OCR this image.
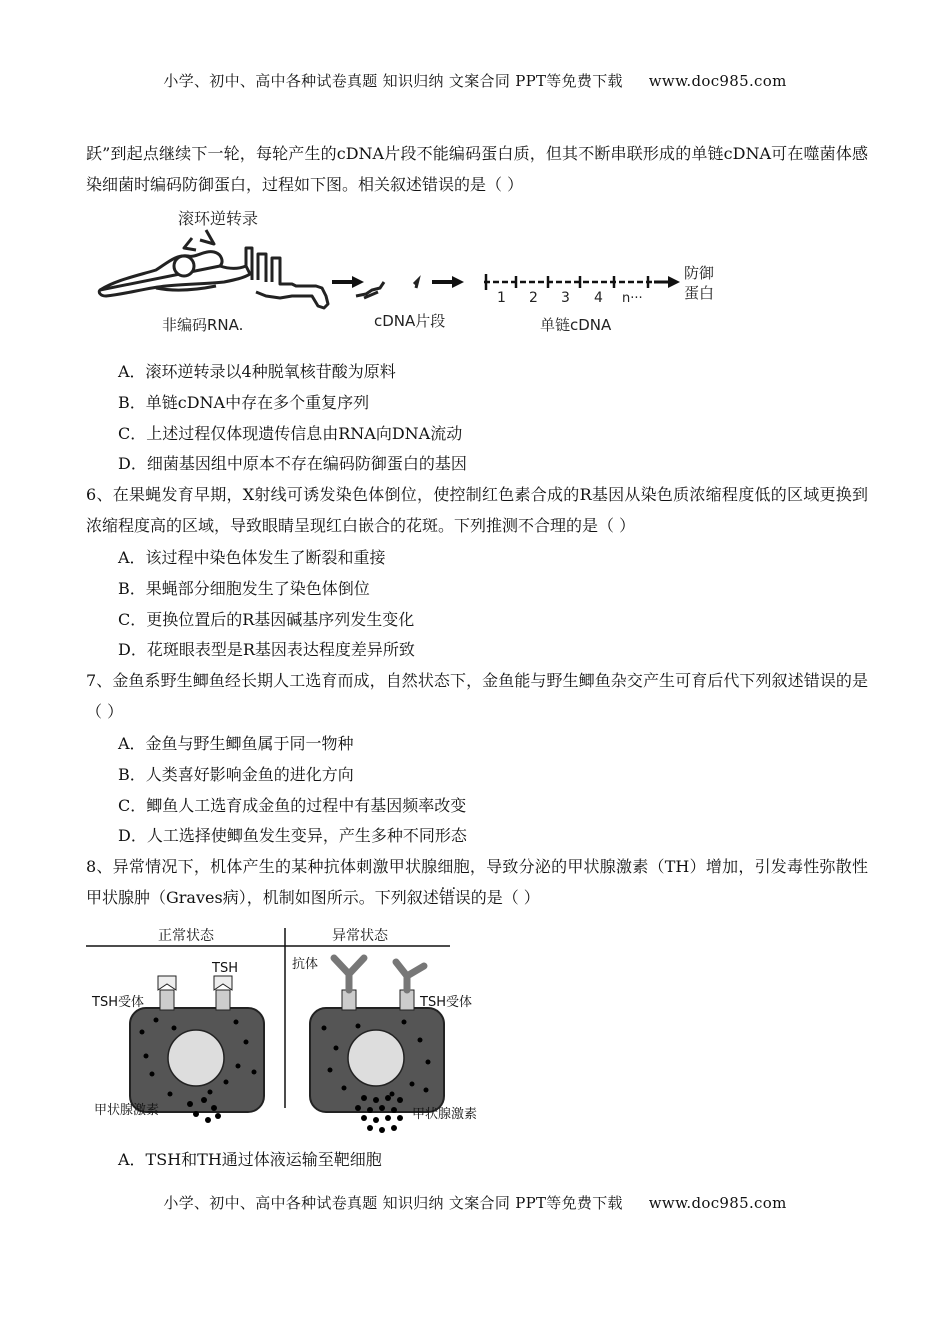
小学、初中、高中各种试卷真题 知识归纳 文案合同 PPT等免费下载 www.doc985.com
跃”到起点继续下一轮，每轮产生的cDNA片段不能编码蛋白质，但其不断串联形成的单链cDNA可在噬菌体感染细菌时编码防御蛋白，过程如下图。相关叙述错误的是（ ）
滚环逆转录
非编码RNA.	cDNA片段
1 2 3 4 n···
单链cDNA
防御
蛋白
A．滚环逆转录以4种脱氧核苷酸为原料
B．单链cDNA中存在多个重复序列
C．上述过程仅体现遗传信息由RNA向DNA流动
D．细菌基因组中原本不存在编码防御蛋白的基因
6、在果蝇发育早期，X射线可诱发染色体倒位，使控制红色素合成的R基因从染色质浓缩程度低的区域更换到浓缩程度高的区域，导致眼睛呈现红白嵌合的花斑。下列推测不合理的是（ ）
A．该过程中染色体发生了断裂和重接
B．果蝇部分细胞发生了染色体倒位
C．更换位置后的R基因碱基序列发生变化
D．花斑眼表型是R基因表达程度差异所致
7、金鱼系野生鲫鱼经长期人工选育而成，自然状态下，金鱼能与野生鲫鱼杂交产生可育后代下列叙述错误的是（ ）
A．金鱼与野生鲫鱼属于同一物种
B．人类喜好影响金鱼的进化方向
C．鲫鱼人工选育成金鱼的过程中有基因频率改变
D．人工选择使鲫鱼发生变异，产生多种不同形态
8、异常情况下，机体产生的某种抗体刺激甲状腺细胞，导致分泌的甲状腺激素（TH）增加，引发毒性弥散性甲状腺肿（Graves病），机制如图所示。下列叙述· · 错误的是（ ）
正常状态	异常状态
TSH
TSH受体
甲状腺激素
抗体
TSH受体
甲状腺激素
A．TSH和TH通过体液运输至靶细胞
小学、初中、高中各种试卷真题 知识归纳 文案合同 PPT等免费下载 www.doc985.com
